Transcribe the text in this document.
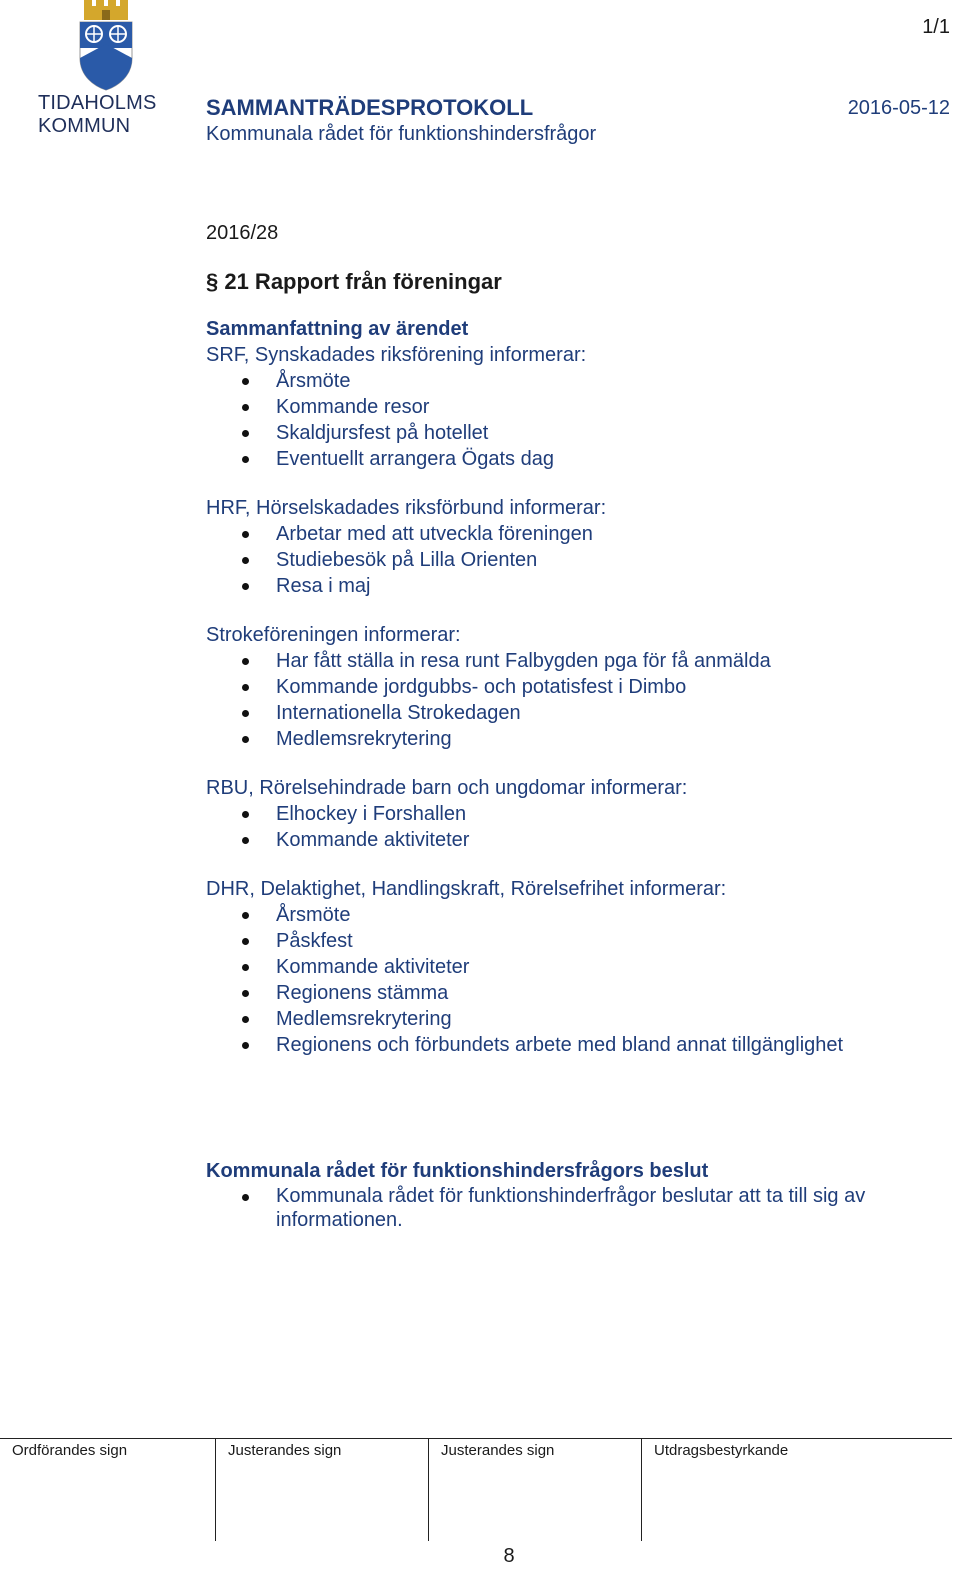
TIDAHOLMS
KOMMUN
1/1
SAMMANTRÄDESPROTOKOLL	2016-05-12
Kommunala rådet för funktionshindersfrågor

2016/28

§ 21 Rapport från föreningar

Sammanfattning av ärendet

SRF, Synskadades riksförening informerar:

Årsmöte
Kommande resor
Skaldjursfest på hotellet
Eventuellt arrangera Ögats dag

HRF, Hörselskadades riksförbund informerar:

Arbetar med att utveckla föreningen
Studiebesök på Lilla Orienten
Resa i maj

Strokeföreningen informerar:

Har fått ställa in resa runt Falbygden pga för få anmälda
Kommande jordgubbs- och potatisfest i Dimbo
Internationella Strokedagen
Medlemsrekrytering

RBU, Rörelsehindrade barn och ungdomar informerar:

Elhockey i Forshallen
Kommande aktiviteter

DHR, Delaktighet, Handlingskraft, Rörelsefrihet informerar:

Årsmöte
Påskfest
Kommande aktiviteter
Regionens stämma
Medlemsrekrytering
Regionens och förbundets arbete med bland annat tillgänglighet

Kommunala rådet för funktionshindersfrågors beslut

Kommunala rådet för funktionshinderfrågor beslutar att ta till sig av informationen.
Ordförandes sign	Justerandes sign	Justerandes sign	Utdragsbestyrkande
8
